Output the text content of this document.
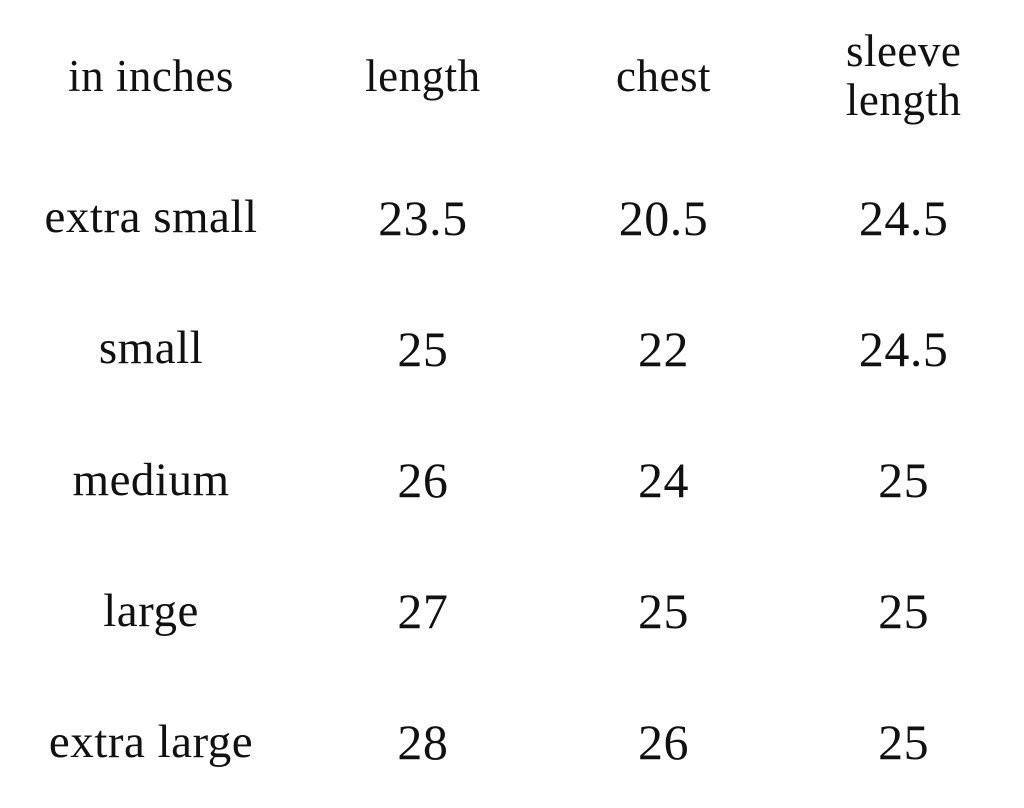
in inches	length	chest	sleeve length
extra small	23.5	20.5	24.5
small	25	22	24.5
medium	26	24	25
large	27	25	25
extra large	28	26	25
